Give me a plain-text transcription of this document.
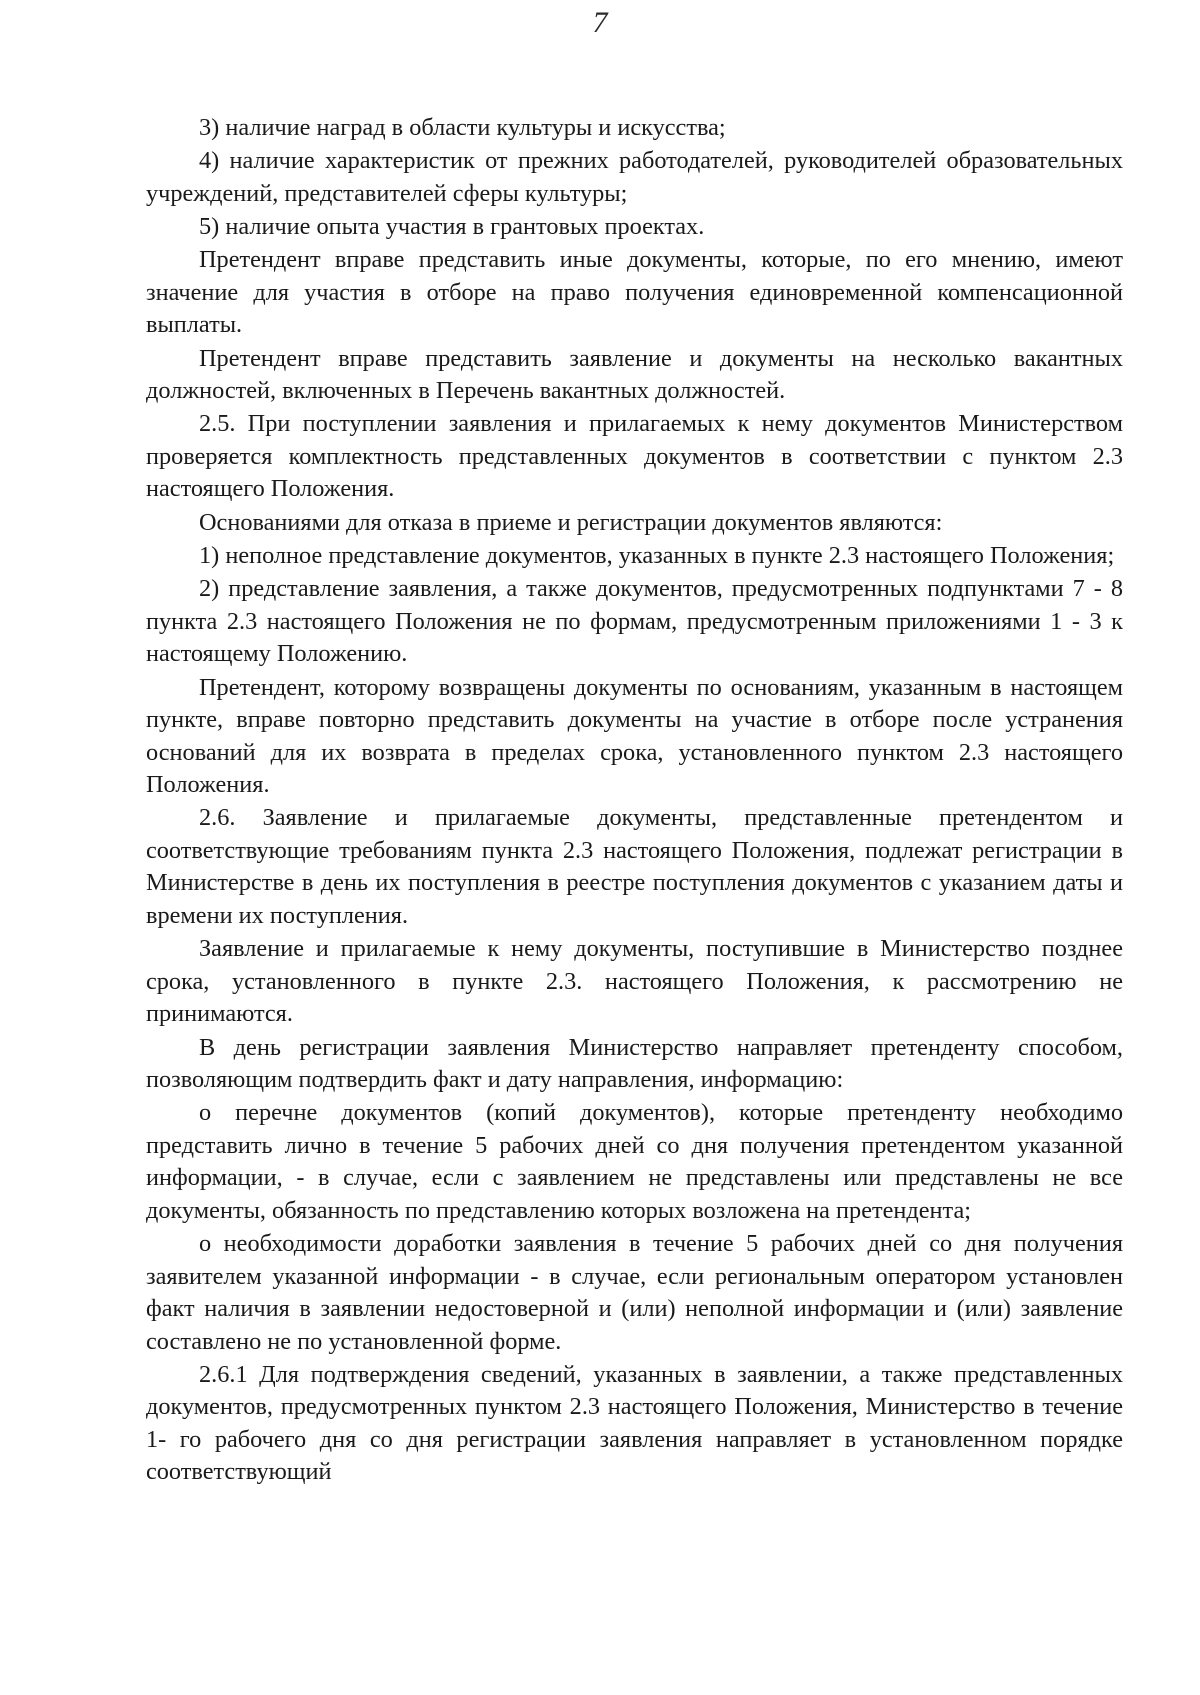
7

3) наличие наград в области культуры и искусства;

4) наличие характеристик от прежних работодателей, руководителей образовательных учреждений, представителей сферы культуры;

5) наличие опыта участия в грантовых проектах.

Претендент вправе представить иные документы, которые, по его мнению, имеют значение для участия в отборе на право получения единовременной компенсационной выплаты.

Претендент вправе представить заявление и документы на несколько вакантных должностей, включенных в Перечень вакантных должностей.

2.5. При поступлении заявления и прилагаемых к нему документов Министерством проверяется комплектность представленных документов в соответствии с пунктом 2.3 настоящего Положения.

Основаниями для отказа в приеме и регистрации документов являются:

1) неполное представление документов, указанных в пункте 2.3 настоящего Положения;

2) представление заявления, а также документов, предусмотренных подпунктами 7 - 8 пункта 2.3 настоящего Положения не по формам, предусмотренным приложениями 1 - 3 к настоящему Положению.

Претендент, которому возвращены документы по основаниям, указанным в настоящем пункте, вправе повторно представить документы на участие в отборе после устранения оснований для их возврата в пределах срока, установленного пунктом 2.3 настоящего Положения.

2.6. Заявление и прилагаемые документы, представленные претендентом и соответствующие требованиям пункта 2.3 настоящего Положения, подлежат регистрации в Министерстве в день их поступления в реестре поступления документов с указанием даты и времени их поступления.

Заявление и прилагаемые к нему документы, поступившие в Министерство позднее срока, установленного в пункте 2.3. настоящего Положения, к рассмотрению не принимаются.

В день регистрации заявления Министерство направляет претенденту способом, позволяющим подтвердить факт и дату направления, информацию:

о перечне документов (копий документов), которые претенденту необходимо представить лично в течение 5 рабочих дней со дня получения претендентом указанной информации, - в случае, если с заявлением не представлены или представлены не все документы, обязанность по представлению которых возложена на претендента;

о необходимости доработки заявления в течение 5 рабочих дней со дня получения заявителем указанной информации - в случае, если региональным оператором установлен факт наличия в заявлении недостоверной и (или) неполной информации и (или) заявление составлено не по установленной форме.

2.6.1 Для подтверждения сведений, указанных в заявлении, а также представленных документов, предусмотренных пунктом 2.3 настоящего Положения, Министерство в течение 1- го рабочего дня со дня регистрации заявления направляет в установленном порядке соответствующий
